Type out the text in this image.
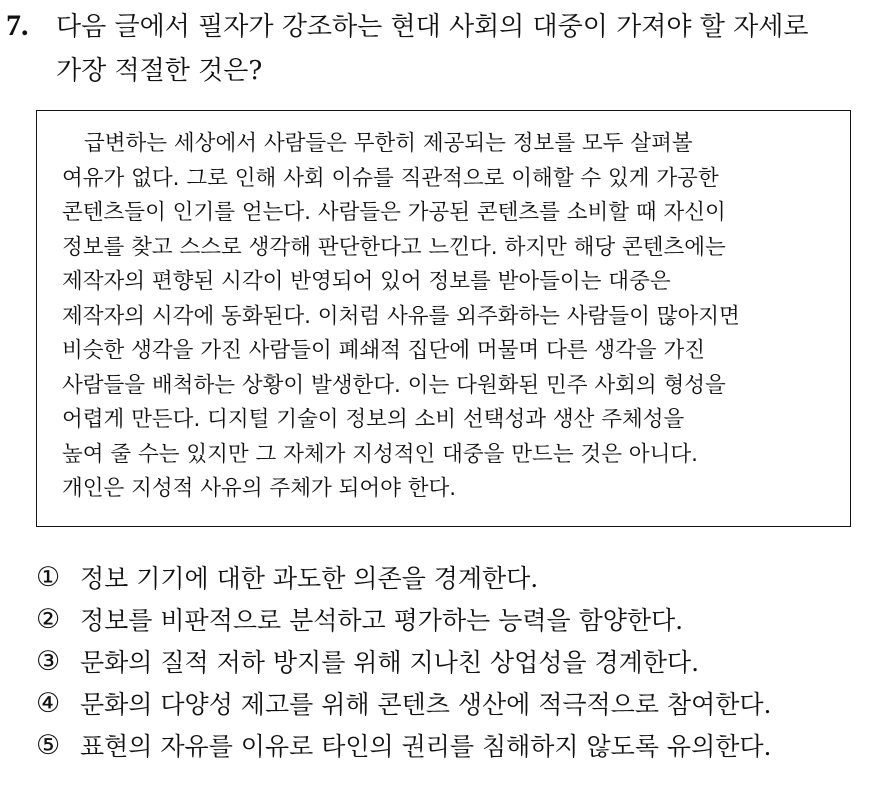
7. 다음 글에서 필자가 강조하는 현대 사회의 대중이 가져야 할 자세로
가장 적절한 것은?
급변하는 세상에서 사람들은 무한히 제공되는 정보를 모두 살펴볼
여유가 없다. 그로 인해 사회 이슈를 직관적으로 이해할 수 있게 가공한
콘텐츠들이 인기를 얻는다. 사람들은 가공된 콘텐츠를 소비할 때 자신이
정보를 찾고 스스로 생각해 판단한다고 느낀다. 하지만 해당 콘텐츠에는
제작자의 편향된 시각이 반영되어 있어 정보를 받아들이는 대중은
제작자의 시각에 동화된다. 이처럼 사유를 외주화하는 사람들이 많아지면
비슷한 생각을 가진 사람들이 폐쇄적 집단에 머물며 다른 생각을 가진
사람들을 배척하는 상황이 발생한다. 이는 다원화된 민주 사회의 형성을
어렵게 만든다. 디지털 기술이 정보의 소비 선택성과 생산 주체성을
높여 줄 수는 있지만 그 자체가 지성적인 대중을 만드는 것은 아니다.
개인은 지성적 사유의 주체가 되어야 한다.
① 정보 기기에 대한 과도한 의존을 경계한다.
② 정보를 비판적으로 분석하고 평가하는 능력을 함양한다.
③ 문화의 질적 저하 방지를 위해 지나친 상업성을 경계한다.
④ 문화의 다양성 제고를 위해 콘텐츠 생산에 적극적으로 참여한다.
⑤ 표현의 자유를 이유로 타인의 권리를 침해하지 않도록 유의한다.
